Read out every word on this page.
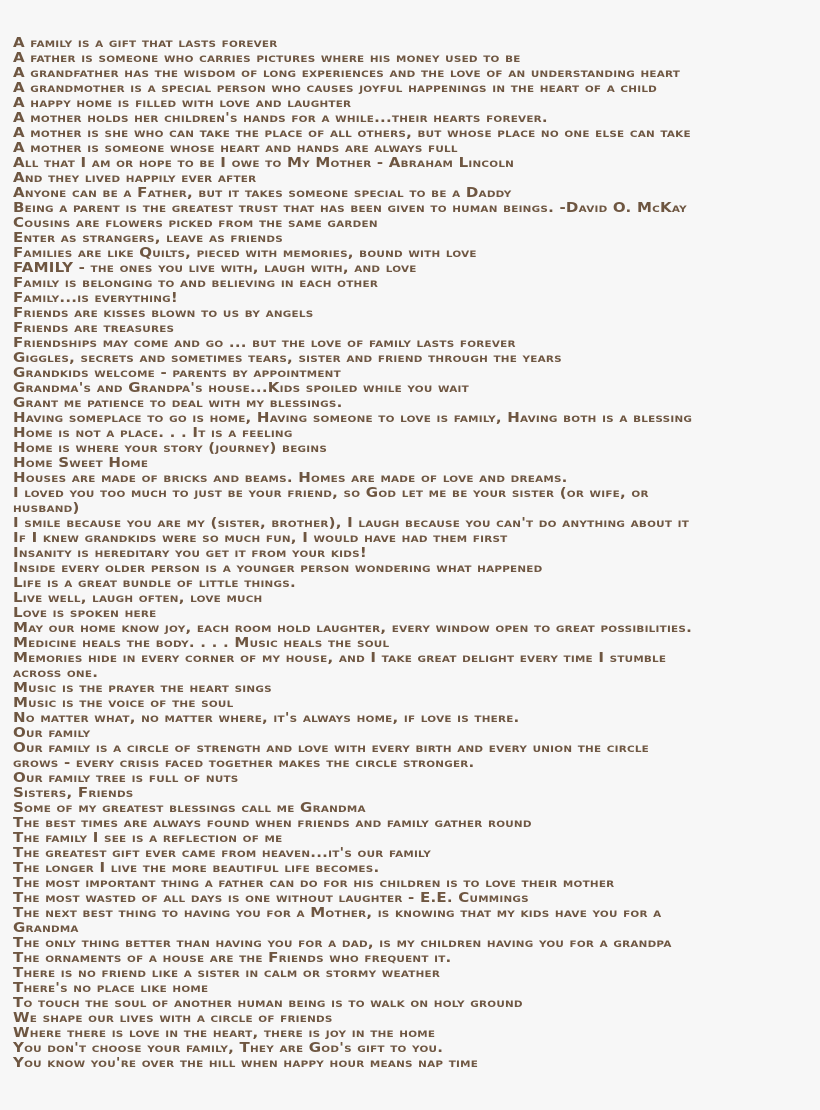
A family is a gift that lasts forever
A father is someone who carries pictures where his money used to be
A grandfather has the wisdom of long experiences and the love of an understanding heart
A grandmother is a special person who causes joyful happenings in the heart of a child
A happy home is filled with love and laughter
A mother holds her children's hands for a while...their hearts forever.
A mother is she who can take the place of all others, but whose place no one else can take
A mother is someone whose heart and hands are always full
All that I am or hope to be I owe to My Mother - Abraham Lincoln
And they lived happily ever after
Anyone can be a Father, but it takes someone special to be a Daddy
Being a parent is the greatest trust that has been given to human beings. -David O. McKay
Cousins are flowers picked from the same garden
Enter as strangers, leave as friends
Families are like Quilts, pieced with memories, bound with love
FAMILY - the ones you live with, laugh with, and love
Family is belonging to and believing in each other
Family...is everything!
Friends are kisses blown to us by angels
Friends are treasures
Friendships may come and go ... but the love of family lasts forever
Giggles, secrets and sometimes tears, sister and friend through the years
Grandkids welcome - parents by appointment
Grandma's and Grandpa's house...Kids spoiled while you wait
Grant me patience to deal with my blessings.
Having someplace to go is home, Having someone to love is family, Having both is a blessing
Home is not a place. . . It is a feeling
Home is where your story (journey) begins
Home Sweet Home
Houses are made of bricks and beams. Homes are made of love and dreams.
I loved you too much to just be your friend, so God let me be your sister (or wife, or
husband)
I smile because you are my (sister, brother), I laugh because you can't do anything about it
If I knew grandkids were so much fun, I would have had them first
Insanity is hereditary you get it from your kids!
Inside every older person is a younger person wondering what happened
Life is a great bundle of little things.
Live well, laugh often, love much
Love is spoken here
May our home know joy, each room hold laughter, every window open to great possibilities.
Medicine heals the body. . . . Music heals the soul
Memories hide in every corner of my house, and I take great delight every time I stumble
across one.
Music is the prayer the heart sings
Music is the voice of the soul
No matter what, no matter where, it's always home, if love is there.
Our family
Our family is a circle of strength and love with every birth and every union the circle
grows - every crisis faced together makes the circle stronger.
Our family tree is full of nuts
Sisters, Friends
Some of my greatest blessings call me Grandma
The best times are always found when friends and family gather round
The family I see is a reflection of me
The greatest gift ever came from heaven...it's our family
The longer I live the more beautiful life becomes.
The most important thing a father can do for his children is to love their mother
The most wasted of all days is one without laughter - E.E. Cummings
The next best thing to having you for a Mother, is knowing that my kids have you for a
Grandma
The only thing better than having you for a dad, is my children having you for a grandpa
The ornaments of a house are the Friends who frequent it.
There is no friend like a sister in calm or stormy weather
There's no place like home
To touch the soul of another human being is to walk on holy ground
We shape our lives with a circle of friends
Where there is love in the heart, there is joy in the home
You don't choose your family, They are God's gift to you.
You know you're over the hill when happy hour means nap time
